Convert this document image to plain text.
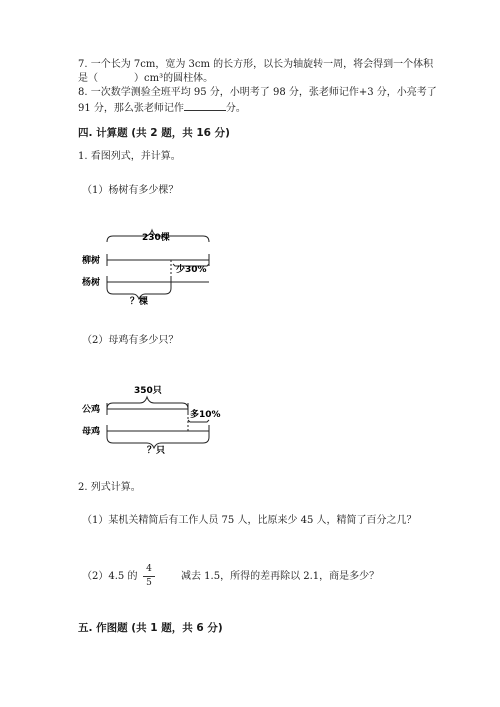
7. 一个长为 7cm，宽为 3cm 的长方形，以长为轴旋转一周，将会得到一个体积
是（	）cm³的圆柱体。
8. 一次数学测验全班平均 95 分，小明考了 98 分，张老师记作+3 分，小亮考了
91 分，那么张老师记作	分。
四. 计算题 (共 2 题，共 16 分)
1. 看图列式，并计算。
（1）杨树有多少棵？
230棵
柳树
少30%
杨树
？棵
350只
公鸡	多10%
母鸡
？只
（2）母鸡有多少只？
2. 列式计算。
（1）某机关精简后有工作人员 75 人，比原来少 45 人，精简了百分之几？
（2）4.5 的
4
5
减去 1.5，所得的差再除以 2.1，商是多少？
五. 作图题 (共 1 题，共 6 分)
